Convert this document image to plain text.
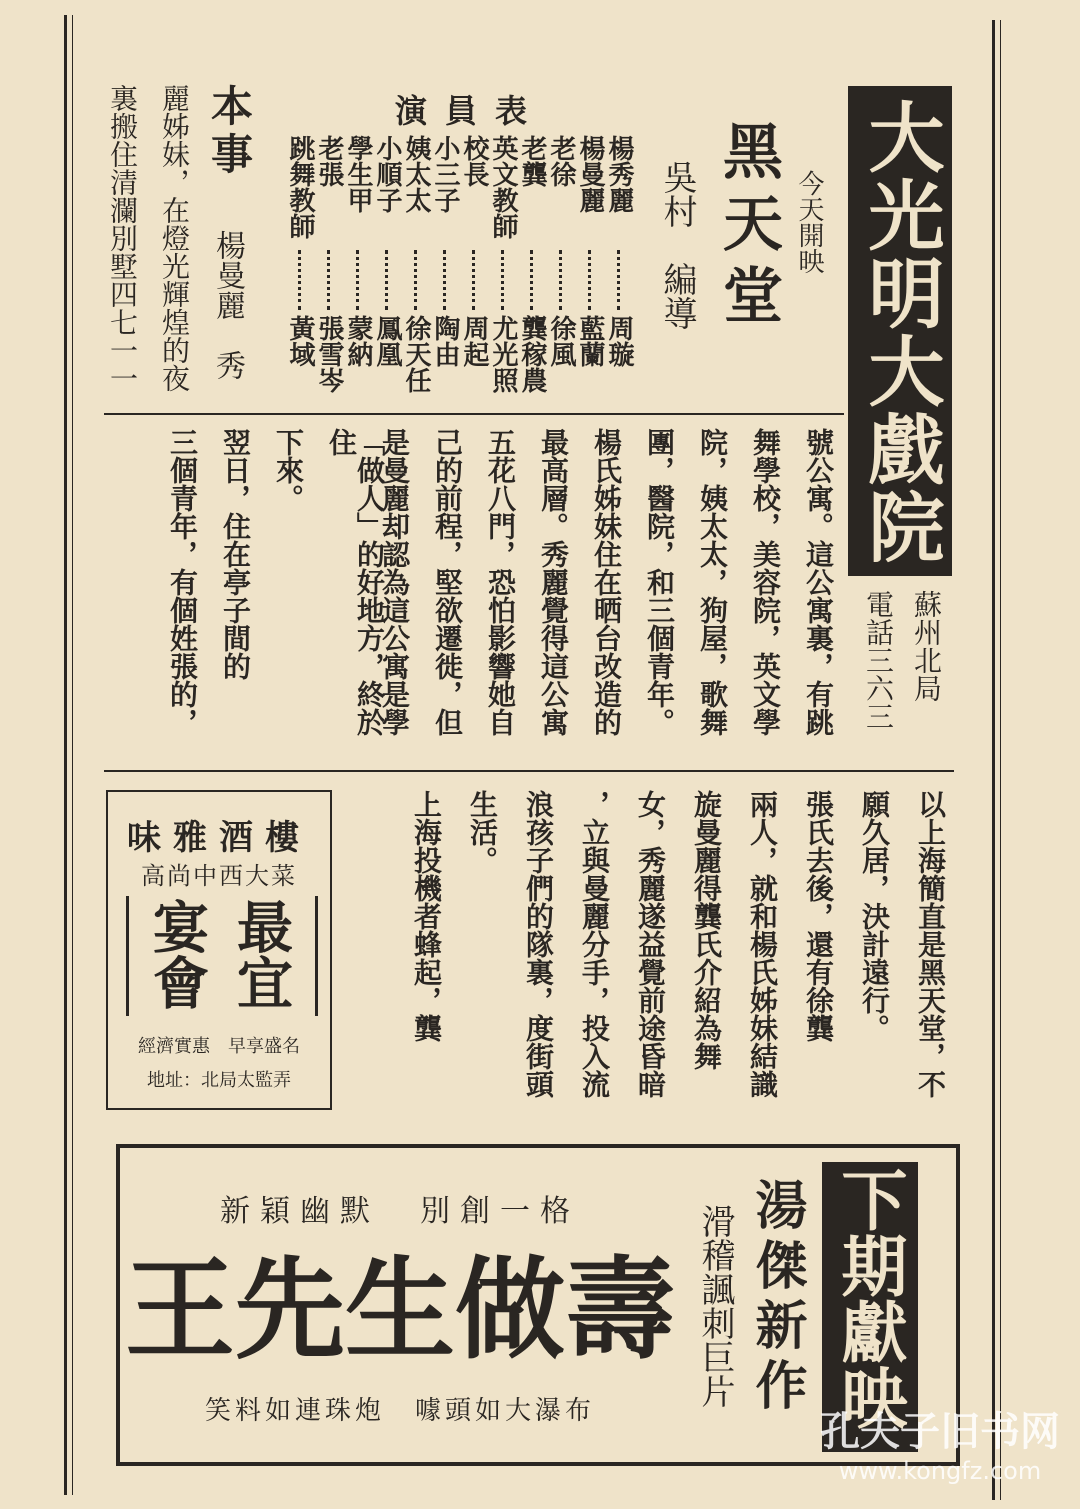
大光明大戲院
蘇州北局
電話三六三
今天開映
黑天堂
吳村　編導
演員表
楊秀麗
周璇
楊曼麗
藍蘭
老徐
徐風
老龔
龔稼農
英文教師
尤光照
校長
周起
小三子
陶由
姨太太
徐天任
小順子
鳳凰
學生甲
蒙納
老張
張雪岑
跳舞教師
黃域
本事
楊曼麗　秀
麗姊妹，在燈光輝煌的夜
裏搬住清瀾別墅四七一一
號公寓。這公寓裏，有跳
舞學校，美容院，英文學
院，姨太太，狗屋，歌舞
團，醫院，和三個青年。
楊氏姊妹住在晒台改造的
最高層。秀麗覺得這公寓
五花八門，恐怕影響她自
己的前程，堅欲遷徙，但
是曼麗却認為這公寓是學
「做人」的好地方，終於住
下來。
翌日，住在亭子間的
三個青年，有個姓張的，
以上海簡直是黑天堂，不
願久居，決計遠行。
張氏去後，還有徐龔
兩人，就和楊氏姊妹結識
旋曼麗得龔氏介紹為舞
女，秀麗遂益覺前途昏暗
，立與曼麗分手，投入流
浪孩子們的隊裏，度街頭
生活。
上海投機者蜂起，龔
味雅酒樓
高尚中西大菜
最宜
宴會
經濟實惠　早享盛名
地址：北局太監弄
下期獻映
湯傑新作
滑稽諷刺巨片
新穎幽默　別創一格
王先生做壽
笑料如連珠炮　噱頭如大瀑布	孔夫子旧书网
www.kongfz.com
